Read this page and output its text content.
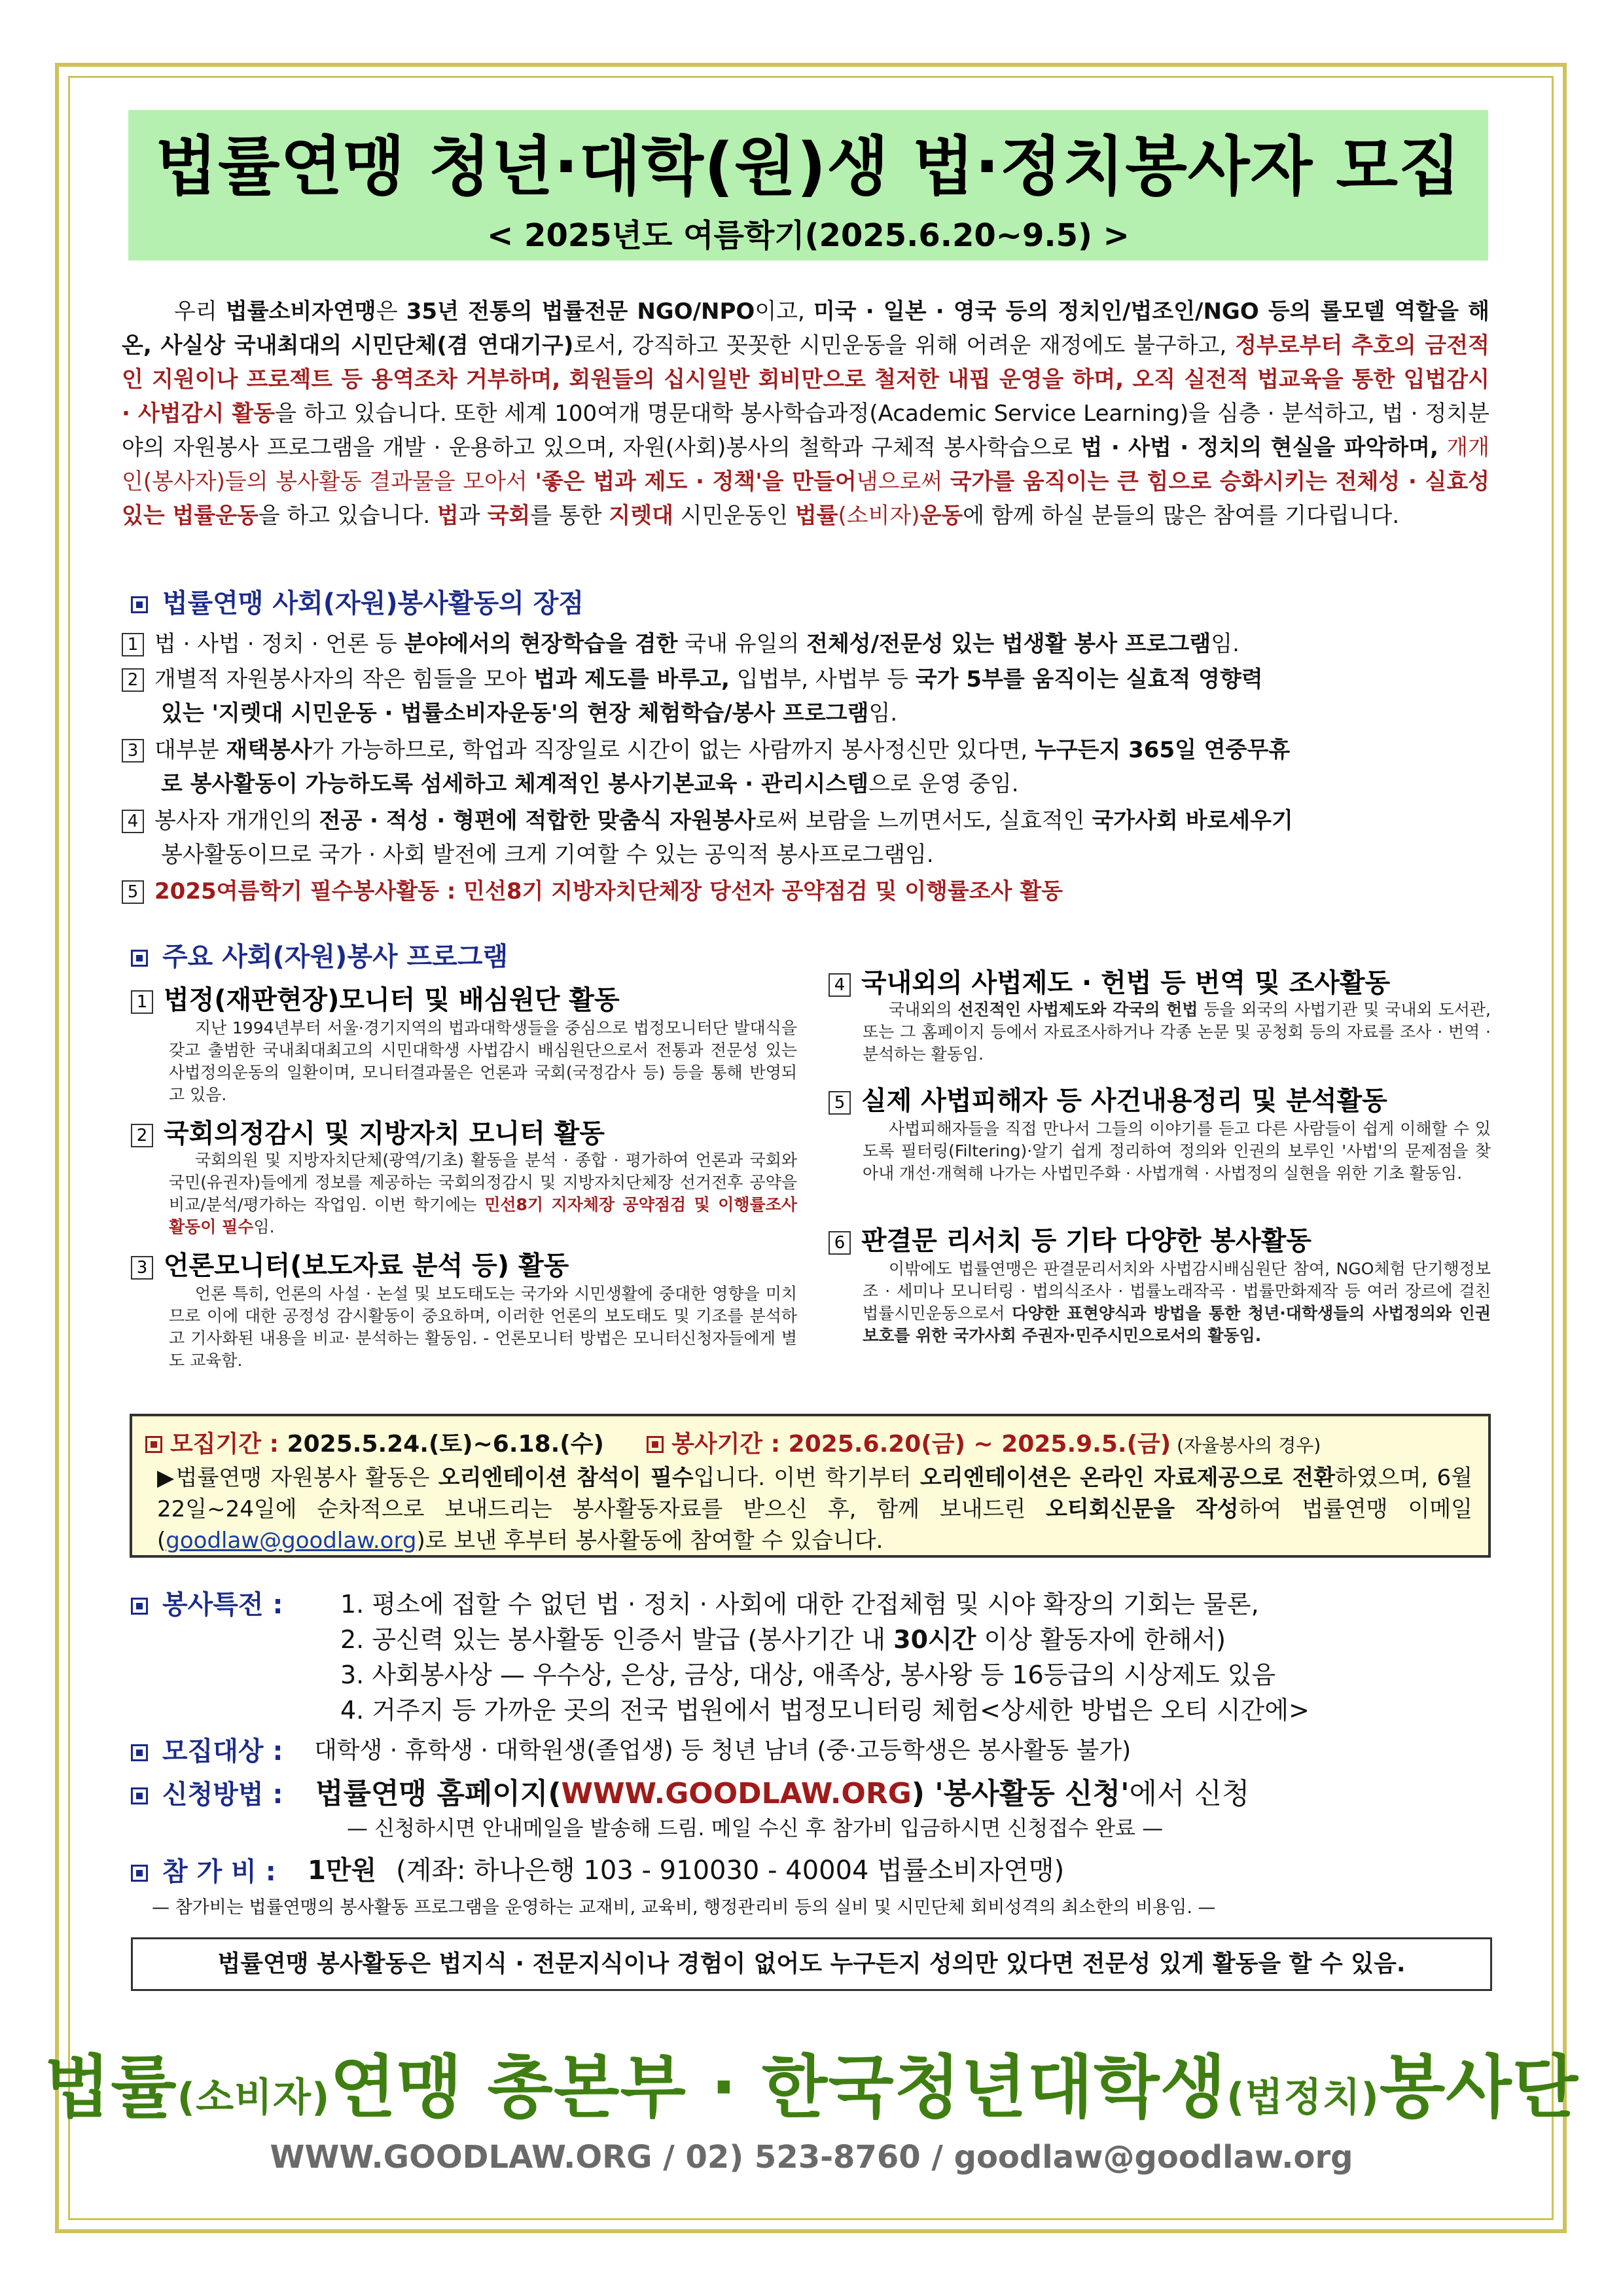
법률연맹 청년·대학(원)생 법·정치봉사자 모집
< 2025년도 여름학기(2025.6.20~9.5) >

우리 법률소비자연맹은 35년 전통의 법률전문 NGO/NPO이고, 미국 · 일본 · 영국 등의 정치인/법조인/NGO 등의 롤모델 역할을 해온, 사실상 국내최대의 시민단체(겸 연대기구)로서, 강직하고 꼿꼿한 시민운동을 위해 어려운 재정에도 불구하고, 정부로부터 추호의 금전적인 지원이나 프로젝트 등 용역조차 거부하며, 회원들의 십시일반 회비만으로 철저한 내핍 운영을 하며, 오직 실전적 법교육을 통한 입법감시 · 사법감시 활동을 하고 있습니다. 또한 세계 100여개 명문대학 봉사학습과정(Academic Service Learning)을 심층 · 분석하고, 법 · 정치분야의 자원봉사 프로그램을 개발 · 운용하고 있으며, 자원(사회)봉사의 철학과 구체적 봉사학습으로 법 · 사법 · 정치의 현실을 파악하며, 개개인(봉사자)들의 봉사활동 결과물을 모아서 '좋은 법과 제도 · 정책'을 만들어냄으로써 국가를 움직이는 큰 힘으로 승화시키는 전체성 · 실효성 있는 법률운동을 하고 있습니다. 법과 국회를 통한 지렛대 시민운동인 법률(소비자)운동에 함께 하실 분들의 많은 참여를 기다립니다.

법률연맹 사회(자원)봉사활동의 장점
1 법 · 사법 · 정치 · 언론 등 분야에서의 현장학습을 겸한 국내 유일의 전체성/전문성 있는 법생활 봉사 프로그램임.
2 개별적 자원봉사자의 작은 힘들을 모아 법과 제도를 바루고, 입법부, 사법부 등 국가 5부를 움직이는 실효적 영향력
있는 '지렛대 시민운동 · 법률소비자운동'의 현장 체험학습/봉사 프로그램임.
3 대부분 재택봉사가 가능하므로, 학업과 직장일로 시간이 없는 사람까지 봉사정신만 있다면, 누구든지 365일 연중무휴
로 봉사활동이 가능하도록 섬세하고 체계적인 봉사기본교육 · 관리시스템으로 운영 중임.
4 봉사자 개개인의 전공 · 적성 · 형편에 적합한 맞춤식 자원봉사로써 보람을 느끼면서도, 실효적인 국가사회 바로세우기
봉사활동이므로 국가 · 사회 발전에 크게 기여할 수 있는 공익적 봉사프로그램임.
5 2025여름학기 필수봉사활동 : 민선8기 지방자치단체장 당선자 공약점검 및 이행률조사 활동
주요 사회(자원)봉사 프로그램
1 법정(재판현장)모니터 및 배심원단 활동
지난 1994년부터 서울·경기지역의 법과대학생들을 중심으로 법정모니터단 발대식을 갖고 출범한 국내최대최고의 시민대학생 사법감시 배심원단으로서 전통과 전문성 있는 사법정의운동의 일환이며, 모니터결과물은 언론과 국회(국정감사 등) 등을 통해 반영되고 있음.
2 국회의정감시 및 지방자치 모니터 활동
국회의원 및 지방자치단체(광역/기초) 활동을 분석 · 종합 · 평가하여 언론과 국회와 국민(유권자)들에게 정보를 제공하는 국회의정감시 및 지방자치단체장 선거전후 공약을 비교/분석/평가하는 작업임. 이번 학기에는 민선8기 지자체장 공약점검 및 이행률조사 활동이 필수임.
3 언론모니터(보도자료 분석 등) 활동
언론 특히, 언론의 사설 · 논설 및 보도태도는 국가와 시민생활에 중대한 영향을 미치므로 이에 대한 공정성 감시활동이 중요하며, 이러한 언론의 보도태도 및 기조를 분석하고 기사화된 내용을 비교· 분석하는 활동임. - 언론모니터 방법은 모니터신청자들에게 별도 교육함.
4 국내외의 사법제도 · 헌법 등 번역 및 조사활동
국내외의 선진적인 사법제도와 각국의 헌법 등을 외국의 사법기관 및 국내외 도서관, 또는 그 홈페이지 등에서 자료조사하거나 각종 논문 및 공청회 등의 자료를 조사 · 번역 · 분석하는 활동임.
5 실제 사법피해자 등 사건내용정리 및 분석활동
사법피해자들을 직접 만나서 그들의 이야기를 듣고 다른 사람들이 쉽게 이해할 수 있도록 필터링(Filtering)·알기 쉽게 정리하여 정의와 인권의 보루인 '사법'의 문제점을 찾아내 개선·개혁해 나가는 사법민주화 · 사법개혁 · 사법정의 실현을 위한 기초 활동임.
6 판결문 리서치 등 기타 다양한 봉사활동
이밖에도 법률연맹은 판결문리서치와 사법감시배심원단 참여, NGO체험 단기행정보조 · 세미나 모니터링 · 법의식조사 · 법률노래작곡 · 법률만화제작 등 여러 장르에 걸친 법률시민운동으로서 다양한 표현양식과 방법을 통한 청년·대학생들의 사법정의와 인권보호를 위한 국가사회 주권자·민주시민으로서의 활동임.
모집기간 : 2025.5.24.(토)~6.18.(수)	봉사기간 : 2025.6.20(금) ~ 2025.9.5.(금) (자율봉사의 경우)
▶법률연맹 자원봉사 활동은 오리엔테이션 참석이 필수입니다. 이번 학기부터 오리엔테이션은 온라인 자료제공으로 전환하였으며, 6월 22일~24일에 순차적으로 보내드리는 봉사활동자료를 받으신 후, 함께 보내드린 오티회신문을 작성하여 법률연맹 이메일(goodlaw@goodlaw.org)로 보낸 후부터 봉사활동에 참여할 수 있습니다.
봉사특전 : 1. 평소에 접할 수 없던 법 · 정치 · 사회에 대한 간접체험 및 시야 확장의 기회는 물론,
2. 공신력 있는 봉사활동 인증서 발급 (봉사기간 내 30시간 이상 활동자에 한해서)
3. 사회봉사상 — 우수상, 은상, 금상, 대상, 애족상, 봉사왕 등 16등급의 시상제도 있음
4. 거주지 등 가까운 곳의 전국 법원에서 법정모니터링 체험<상세한 방법은 오티 시간에>
모집대상 : 대학생 · 휴학생 · 대학원생(졸업생) 등 청년 남녀 (중·고등학생은 봉사활동 불가)
신청방법 : 법률연맹 홈페이지(WWW.GOODLAW.ORG) '봉사활동 신청'에서 신청
— 신청하시면 안내메일을 발송해 드림. 메일 수신 후 참가비 입금하시면 신청접수 완료 —
참 가 비 : 1만원 (계좌: 하나은행 103 - 910030 - 40004 법률소비자연맹)
— 참가비는 법률연맹의 봉사활동 프로그램을 운영하는 교재비, 교육비, 행정관리비 등의 실비 및 시민단체 회비성격의 최소한의 비용임. —
법률연맹 봉사활동은 법지식 · 전문지식이나 경험이 없어도 누구든지 성의만 있다면 전문성 있게 활동을 할 수 있음.
법률(소비자)연맹 총본부 · 한국청년대학생(법정치)봉사단
WWW.GOODLAW.ORG / 02) 523-8760 / goodlaw@goodlaw.org
